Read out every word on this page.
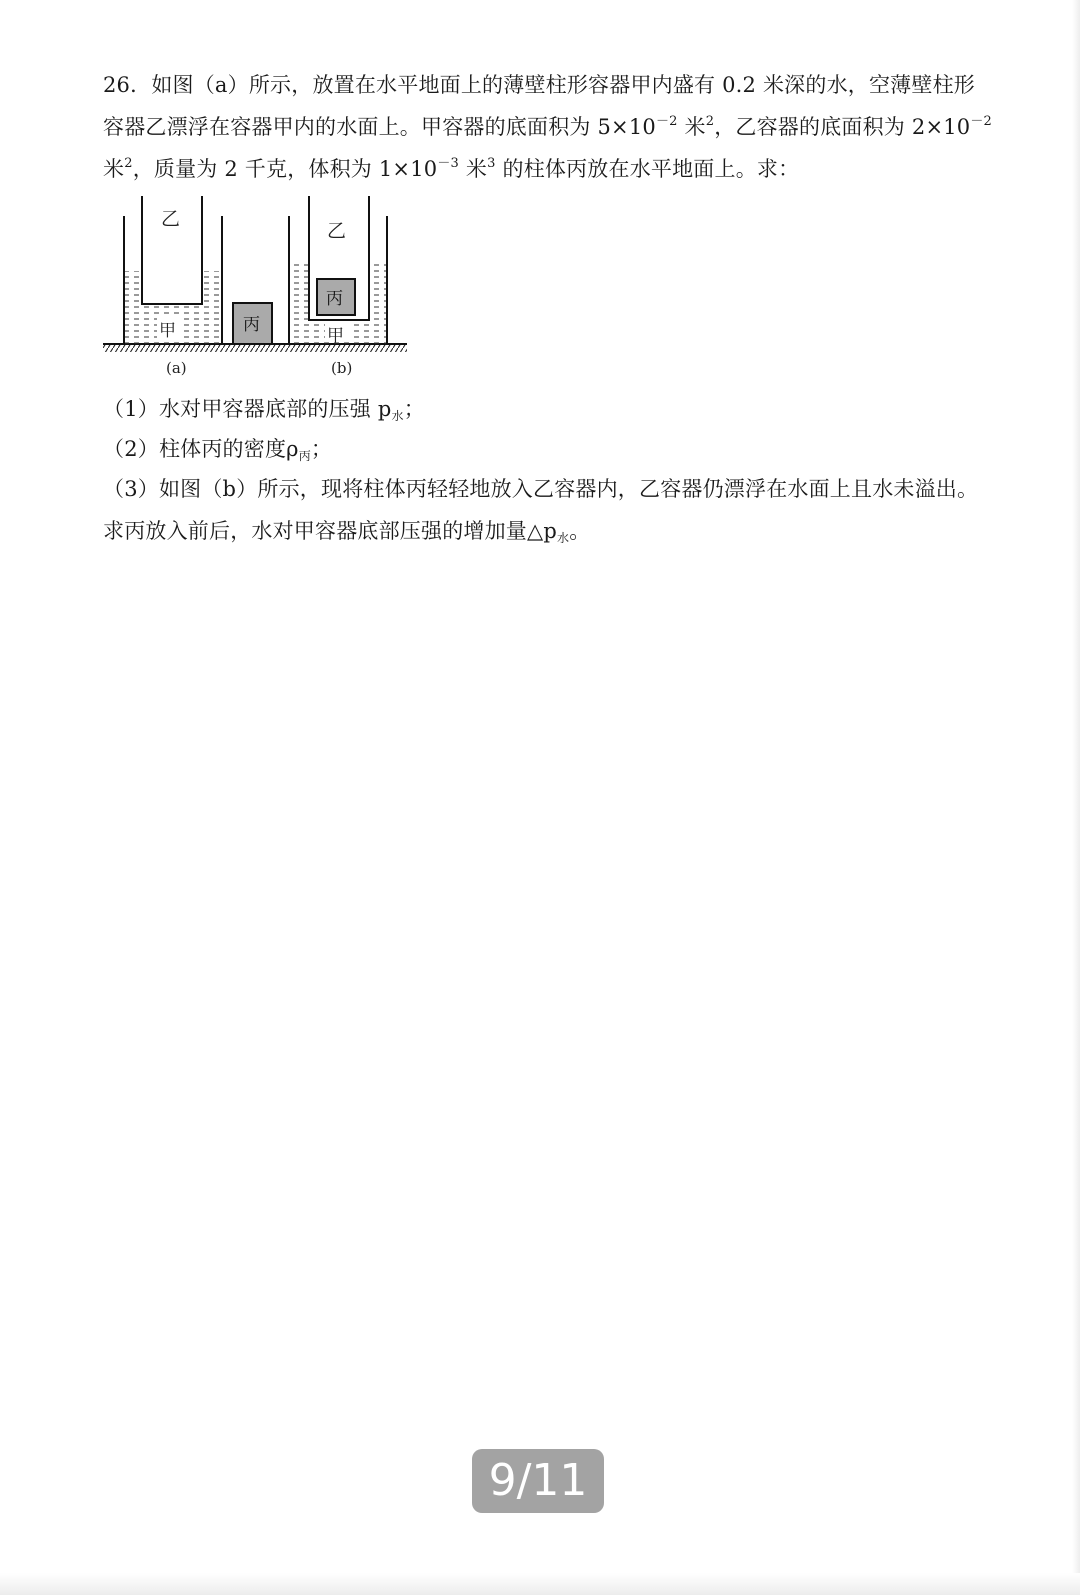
26．如图（a）所示，放置在水平地面上的薄壁柱形容器甲内盛有 0.2 米深的水，空薄壁柱形
容器乙漂浮在容器甲内的水面上。甲容器的底面积为 $5\times 10^{-2}$ 米$^2$，乙容器的底面积为 $2\times 10^{-2}$
米$^2$，质量为 2 千克，体积为 $1\times 10^{-3}$ 米$^3$ 的柱体丙放在水平地面上。求：
乙
甲
(a)
丙
丙
乙
甲
(b)
（1）水对甲容器底部的压强 $p_水$；
（2）柱体丙的密度$\rho_丙$；
（3）如图（b）所示，现将柱体丙轻轻地放入乙容器内，乙容器仍漂浮在水面上且水未溢出。
求丙放入前后，水对甲容器底部压强的增加量$\triangle p_水$。
9/11
